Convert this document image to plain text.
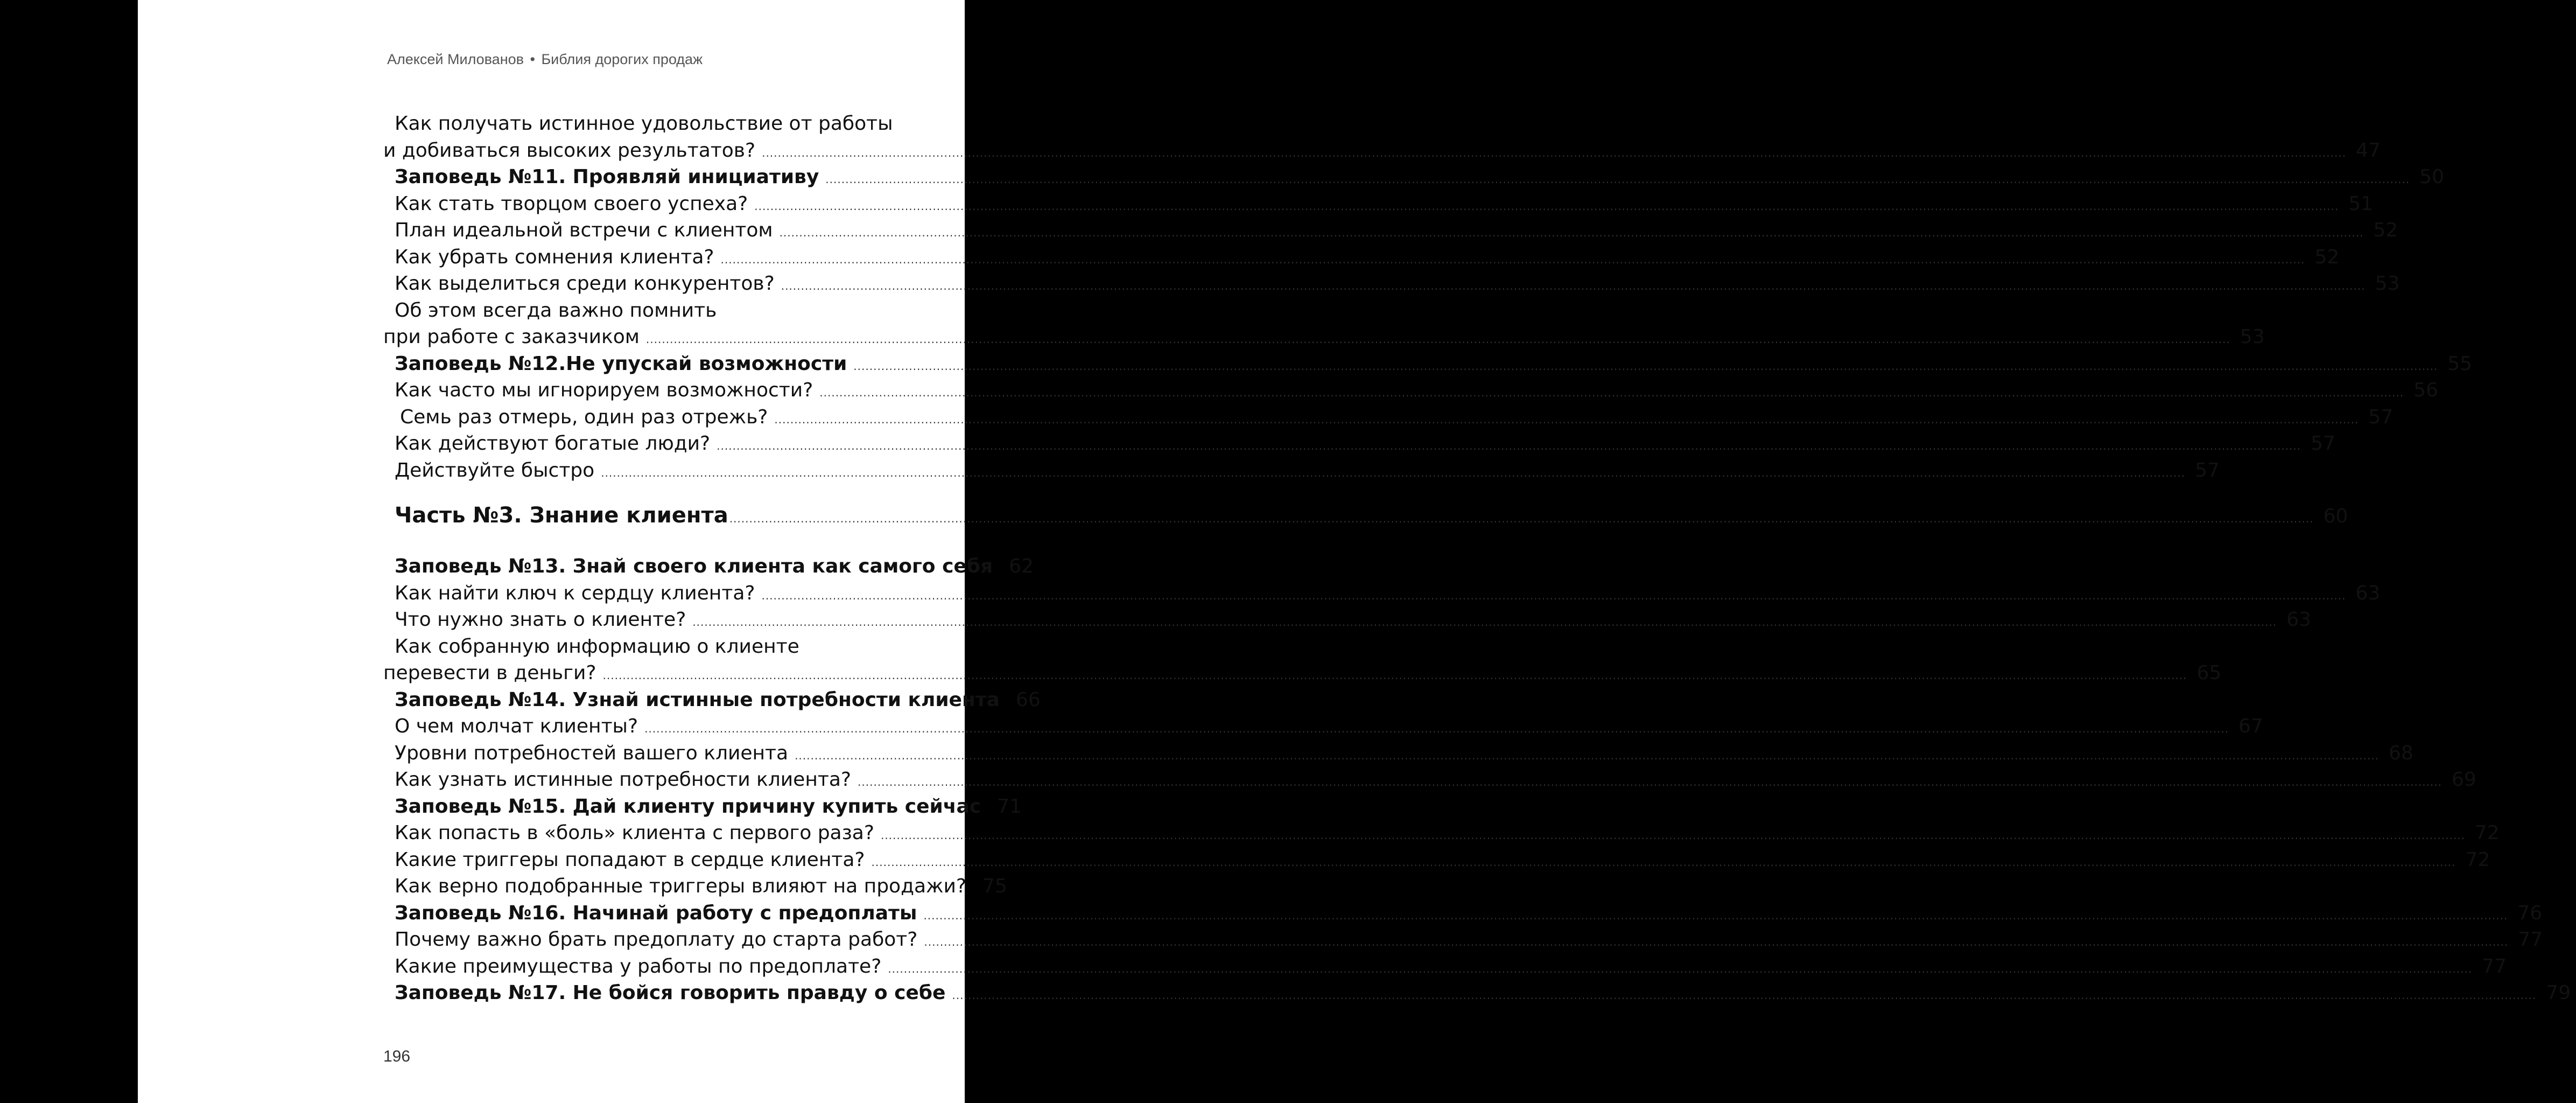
Алексей Милованов • Библия дорогих продаж
Как получать истинное удовольствие от работы
и добиваться высоких результатов? ................................................................................................................................................................................................................................................................................................................................................................................................................ 47
Заповедь №11. Проявляй инициативу ................................................................................................................................................................................................................................................................................................................................................................................................................ 50
Как стать творцом своего успеха? ................................................................................................................................................................................................................................................................................................................................................................................................................ 51
План идеальной встречи с клиентом ................................................................................................................................................................................................................................................................................................................................................................................................................ 52
Как убрать сомнения клиента? ................................................................................................................................................................................................................................................................................................................................................................................................................ 52
Как выделиться среди конкурентов? ................................................................................................................................................................................................................................................................................................................................................................................................................ 53
Об этом всегда важно помнить
при работе с заказчиком ................................................................................................................................................................................................................................................................................................................................................................................................................ 53
Заповедь №12.Не упускай возможности ................................................................................................................................................................................................................................................................................................................................................................................................................ 55
Как часто мы игнорируем возможности? ................................................................................................................................................................................................................................................................................................................................................................................................................ 56
Семь раз отмерь, один раз отрежь? ................................................................................................................................................................................................................................................................................................................................................................................................................ 57
Как действуют богатые люди? ................................................................................................................................................................................................................................................................................................................................................................................................................ 57
Действуйте быстро ................................................................................................................................................................................................................................................................................................................................................................................................................ 57
Часть №3. Знание клиента ................................................................................................................................................................................................................................................................................................................................................................................................................ 60
Заповедь №13. Знай своего клиента как самого себя 62
Как найти ключ к сердцу клиента? ................................................................................................................................................................................................................................................................................................................................................................................................................ 63
Что нужно знать о клиенте? ................................................................................................................................................................................................................................................................................................................................................................................................................ 63
Как собранную информацию о клиенте
перевести в деньги? ................................................................................................................................................................................................................................................................................................................................................................................................................ 65
Заповедь №14. Узнай истинные потребности клиента 66
О чем молчат клиенты? ................................................................................................................................................................................................................................................................................................................................................................................................................ 67
Уровни потребностей вашего клиента ................................................................................................................................................................................................................................................................................................................................................................................................................ 68
Как узнать истинные потребности клиента? ................................................................................................................................................................................................................................................................................................................................................................................................................ 69
Заповедь №15. Дай клиенту причину купить сейчас 71
Как попасть в «боль» клиента с первого раза? ................................................................................................................................................................................................................................................................................................................................................................................................................ 72
Какие триггеры попадают в сердце клиента? ................................................................................................................................................................................................................................................................................................................................................................................................................ 72
Как верно подобранные триггеры влияют на продажи? 75
Заповедь №16. Начинай работу с предоплаты ................................................................................................................................................................................................................................................................................................................................................................................................................ 76
Почему важно брать предоплату до старта работ? ................................................................................................................................................................................................................................................................................................................................................................................................................ 77
Какие преимущества у работы по предоплате? ................................................................................................................................................................................................................................................................................................................................................................................................................ 77
Заповедь №17. Не бойся говорить правду о себе ................................................................................................................................................................................................................................................................................................................................................................................................................ 79
196
